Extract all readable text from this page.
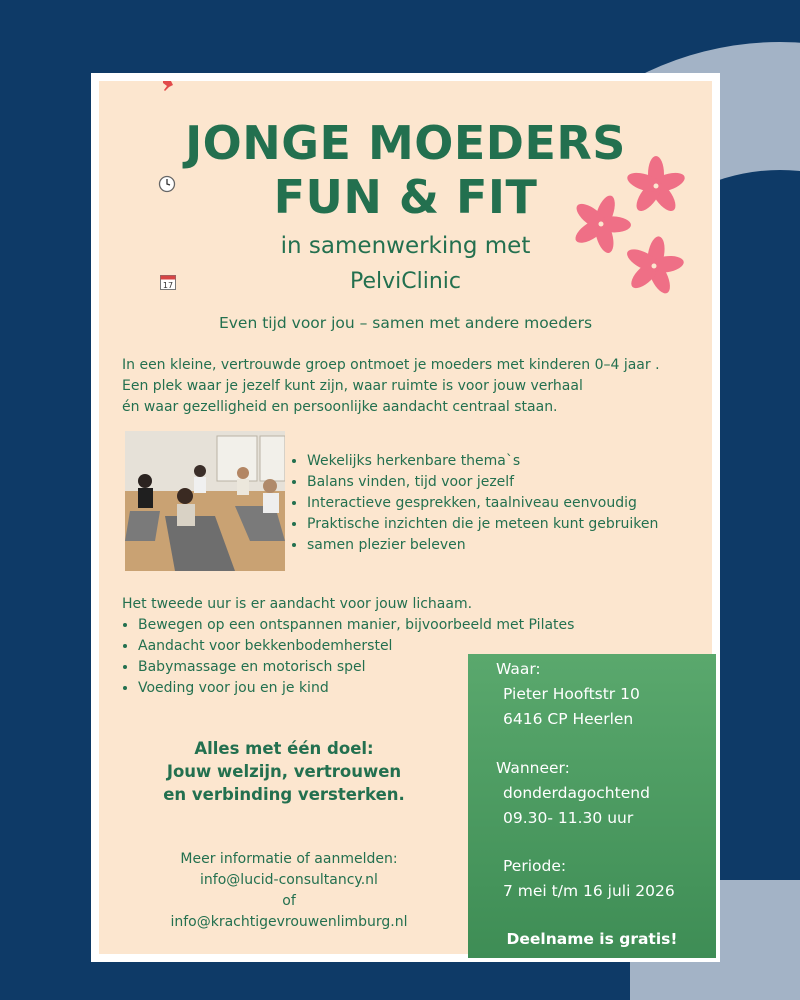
17
JONGE MOEDERS
FUN & FIT
in samenwerking met
PelviClinic
Even tijd voor jou – samen met andere moeders

In een kleine, vertrouwde groep ontmoet je moeders met kinderen 0–4 jaar .

Een plek waar je jezelf kunt zijn, waar ruimte is voor jouw verhaal

én waar gezelligheid en persoonlijke aandacht centraal staan.

• Wekelijks herkenbare thema`s
• Balans vinden, tijd voor jezelf
• Interactieve gesprekken, taalniveau eenvoudig
• Praktische inzichten die je meteen kunt gebruiken
• samen plezier beleven

Het tweede uur is er aandacht voor jouw lichaam.

• Bewegen op een ontspannen manier, bijvoorbeeld met Pilates
• Aandacht voor bekkenbodemherstel
• Babymassage en motorisch spel
• Voeding voor jou en je kind

Alles met één doel:

Jouw welzijn, vertrouwen

en verbinding versterken.

Meer informatie of aanmelden:

info@lucid-consultancy.nl

of

info@krachtigevrouwenlimburg.nl

Waar:
Pieter Hooftstr 10
6416 CP Heerlen
Wanneer:
donderdagochtend
09.30- 11.30 uur
Periode:
7 mei t/m 16 juli 2026
Deelname is gratis!
